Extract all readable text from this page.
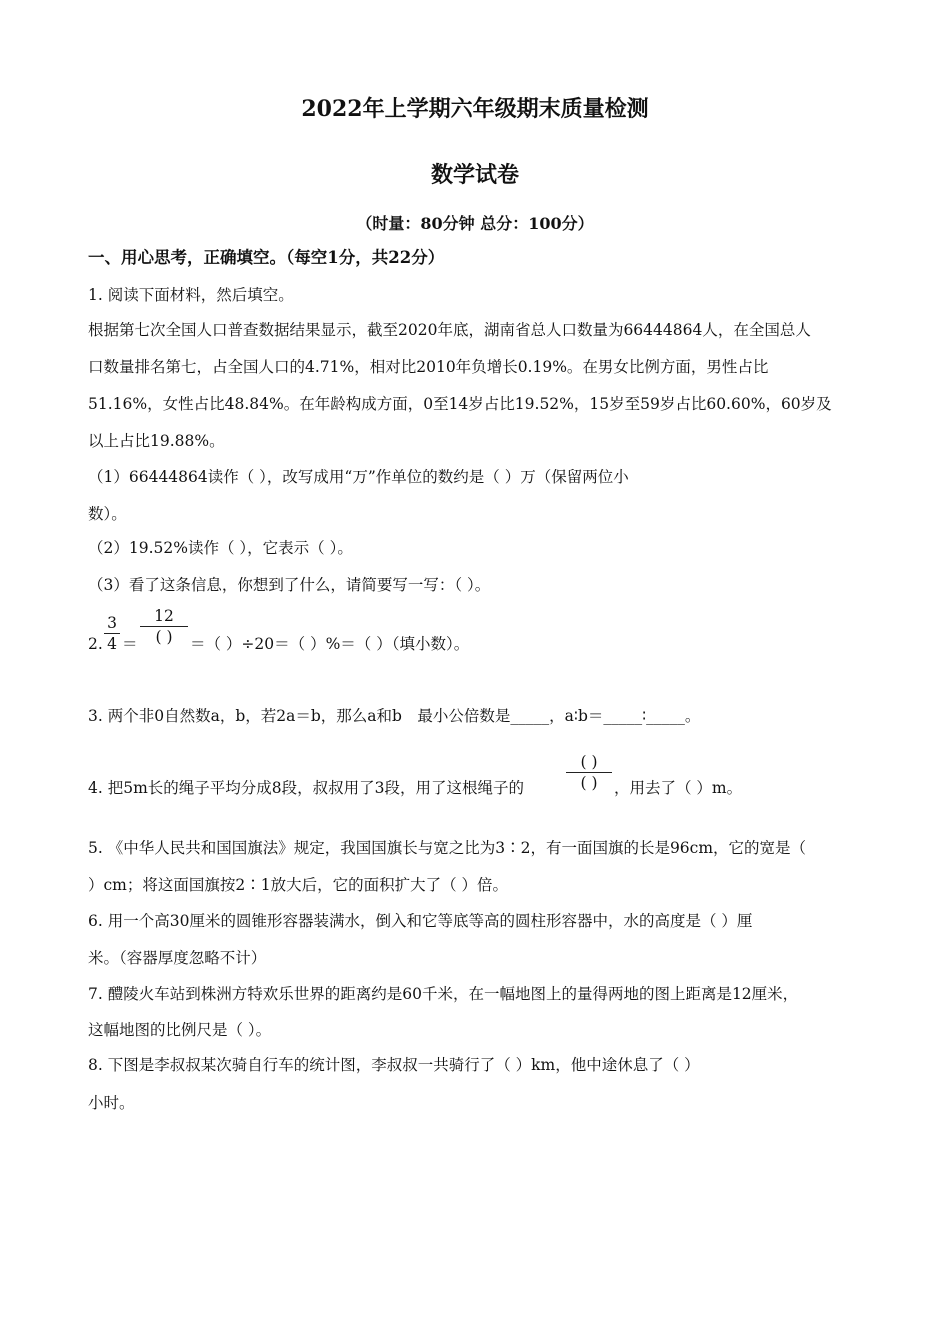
2022年上学期六年级期末质量检测
数学试卷
（时量：80分钟 总分：100分）
一、用心思考，正确填空。（每空1分，共22分）
1. 阅读下面材料，然后填空。
根据第七次全国人口普查数据结果显示，截至2020年底，湖南省总人口数量为66444864人，在全国总人
口数量排名第七，占全国人口的4.71%，相对比2010年负增长0.19%。在男女比例方面，男性占比
51.16%，女性占比48.84%。在年龄构成方面，0至14岁占比19.52%，15岁至59岁占比60.60%，60岁及
以上占比19.88%。
（1）66444864读作（ ），改写成用“万”作单位的数约是（ ）万（保留两位小
数）。
（2）19.52%读作（ ），它表示（ ）。
（3）看了这条信息，你想到了什么，请简要写一写：（ ）。
2.
3
4 ＝
12
( )	＝（ ）÷20＝（ ）%＝（ ）（填小数）。
3. 两个非0自然数a，b，若2a＝b，那么a和b　最小公倍数是_____，a∶b＝_____∶_____。
4. 把5m长的绳子平均分成8段，叔叔用了3段，用了这根绳子的
( )
( )	，用去了（ ）m。
5. 《中华人民共和国国旗法》规定，我国国旗长与宽之比为3∶2，有一面国旗的长是96cm，它的宽是（
）cm；将这面国旗按2∶1放大后，它的面积扩大了（ ）倍。
6. 用一个高30厘米的圆锥形容器装满水，倒入和它等底等高的圆柱形容器中，水的高度是（ ）厘
米。（容器厚度忽略不计）
7. 醴陵火车站到株洲方特欢乐世界的距离约是60千米，在一幅地图上的量得两地的图上距离是12厘米，
这幅地图的比例尺是（ ）。
8. 下图是李叔叔某次骑自行车的统计图，李叔叔一共骑行了（ ）km，他中途休息了（ ）
小时。
